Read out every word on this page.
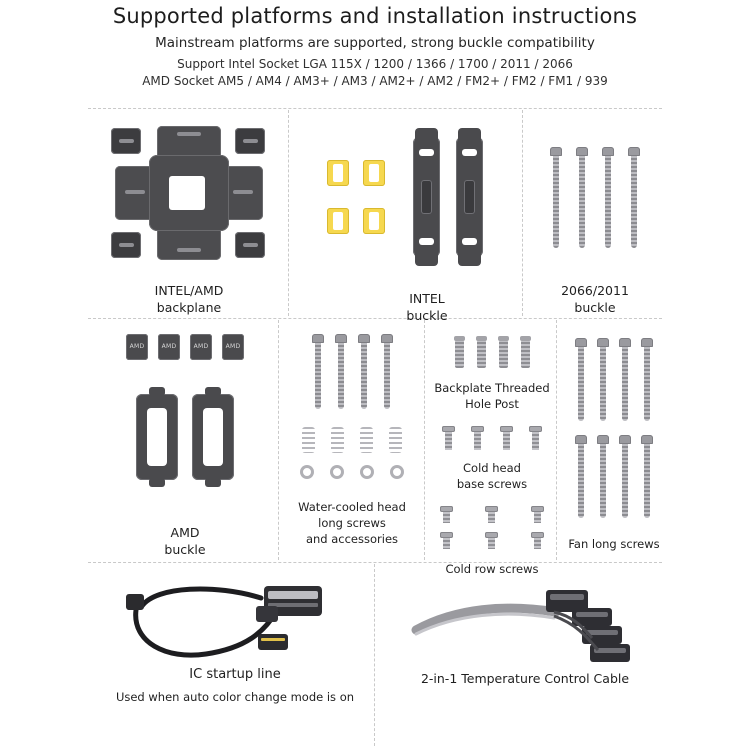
Supported platforms and installation instructions
Mainstream platforms are supported, strong buckle compatibility
Support Intel Socket LGA 115X / 1200 / 1366 / 1700 / 2011 / 2066
AMD Socket AM5 / AM4 / AM3+ / AM3 / AM2+ / AM2 / FM2+ / FM2 / FM1 / 939
INTEL/AMD
backplane
INTEL
buckle
2066/2011
buckle
AMD	AMD	AMD	AMD
AMD
buckle
Water-cooled head
long screws
and accessories
Backplate Threaded
Hole Post
Cold head
base screws
Cold row screws
Fan long screws
IC startup line
Used when auto color change mode is on
2-in-1 Temperature Control Cable
